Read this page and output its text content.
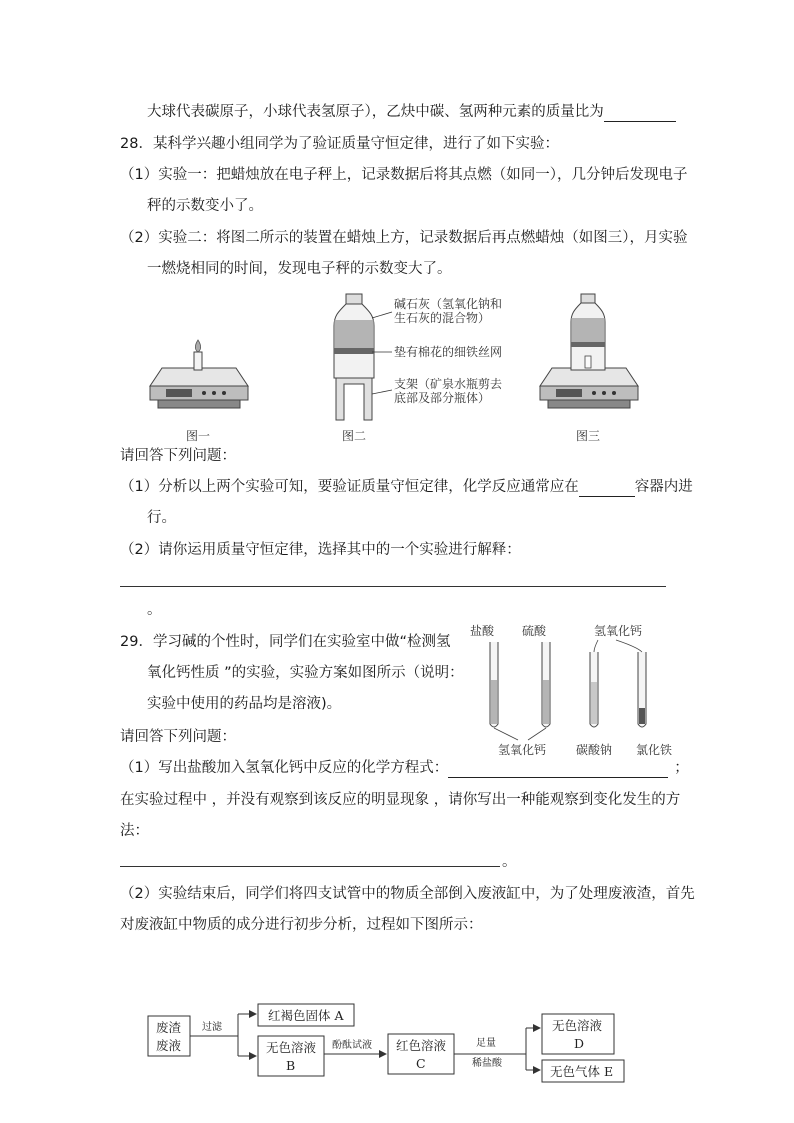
大球代表碳原子，小球代表氢原子），乙炔中碳、氢两种元素的质量比为
28．某科学兴趣小组同学为了验证质量守恒定律，进行了如下实验：
（1）实验一：把蜡烛放在电子秤上，记录数据后将其点燃（如同一），几分钟后发现电子
秤的示数变小了。
（2）实验二：将图二所示的装置在蜡烛上方，记录数据后再点燃蜡烛（如图三），月实验
一燃烧相同的时间，发现电子秤的示数变大了。
图一
碱石灰（氢氧化钠和
生石灰的混合物）
垫有棉花的细铁丝网
支架（矿泉水瓶剪去
底部及部分瓶体）
图二	图三
请回答下列问题：
（1）分析以上两个实验可知，要验证质量守恒定律，化学反应通常应在	容器内进
行。
（2）请你运用质量守恒定律，选择其中的一个实验进行解释：
。
29．学习碱的个性时，同学们在实验室中做“检测氢
氧化钙性质 ”的实验，实验方案如图所示（说明：
实验中使用的药品均是溶液)。
盐酸 硫酸	氢氧化钙
氢氧化钙 碳酸钠 氯化铁
请回答下列问题：
（1）写出盐酸加入氢氧化钙中反应的化学方程式：	；
在实验过程中 ，并没有观察到该反应的明显现象 ，请你写出一种能观察到变化发生的方
法：
。
（2）实验结束后，同学们将四支试管中的物质全部倒入废液缸中，为了处理废液渣，首先
对废液缸中物质的成分进行初步分析，过程如下图所示：
废渣
废液
过滤
红褐色固体 A
无色溶液
B
酚酞试液 红色溶液
C
足量
稀盐酸
无色溶液
D
无色气体 E
